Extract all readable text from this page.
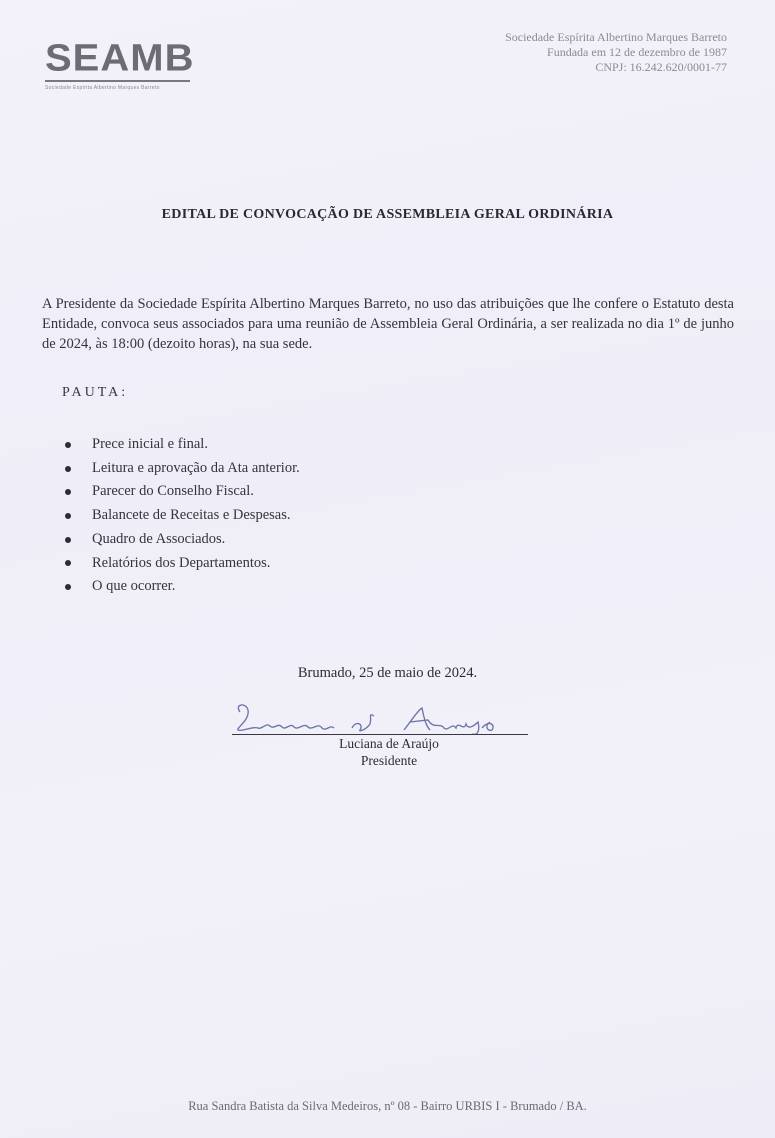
SEAMB
Sociedade Espírita Albertino Marques Barreto
Sociedade Espírita Albertino Marques Barreto
Fundada em 12 de dezembro de 1987
CNPJ: 16.242.620/0001-77
EDITAL DE CONVOCAÇÃO DE ASSEMBLEIA GERAL ORDINÁRIA
A Presidente da Sociedade Espírita Albertino Marques Barreto, no uso das atribuições que lhe confere o Estatuto desta Entidade, convoca seus associados para uma reunião de Assembleia Geral Ordinária, a ser realizada no dia 1º de junho de 2024, às 18:00 (dezoito horas), na sua sede.
PAUTA:
Prece inicial e final.
Leitura e aprovação da Ata anterior.
Parecer do Conselho Fiscal.
Balancete de Receitas e Despesas.
Quadro de Associados.
Relatórios dos Departamentos.
O que ocorrer.
Brumado, 25 de maio de 2024.
Luciana de Araújo
Presidente
Rua Sandra Batista da Silva Medeiros, nº 08 - Bairro URBIS I - Brumado / BA.
